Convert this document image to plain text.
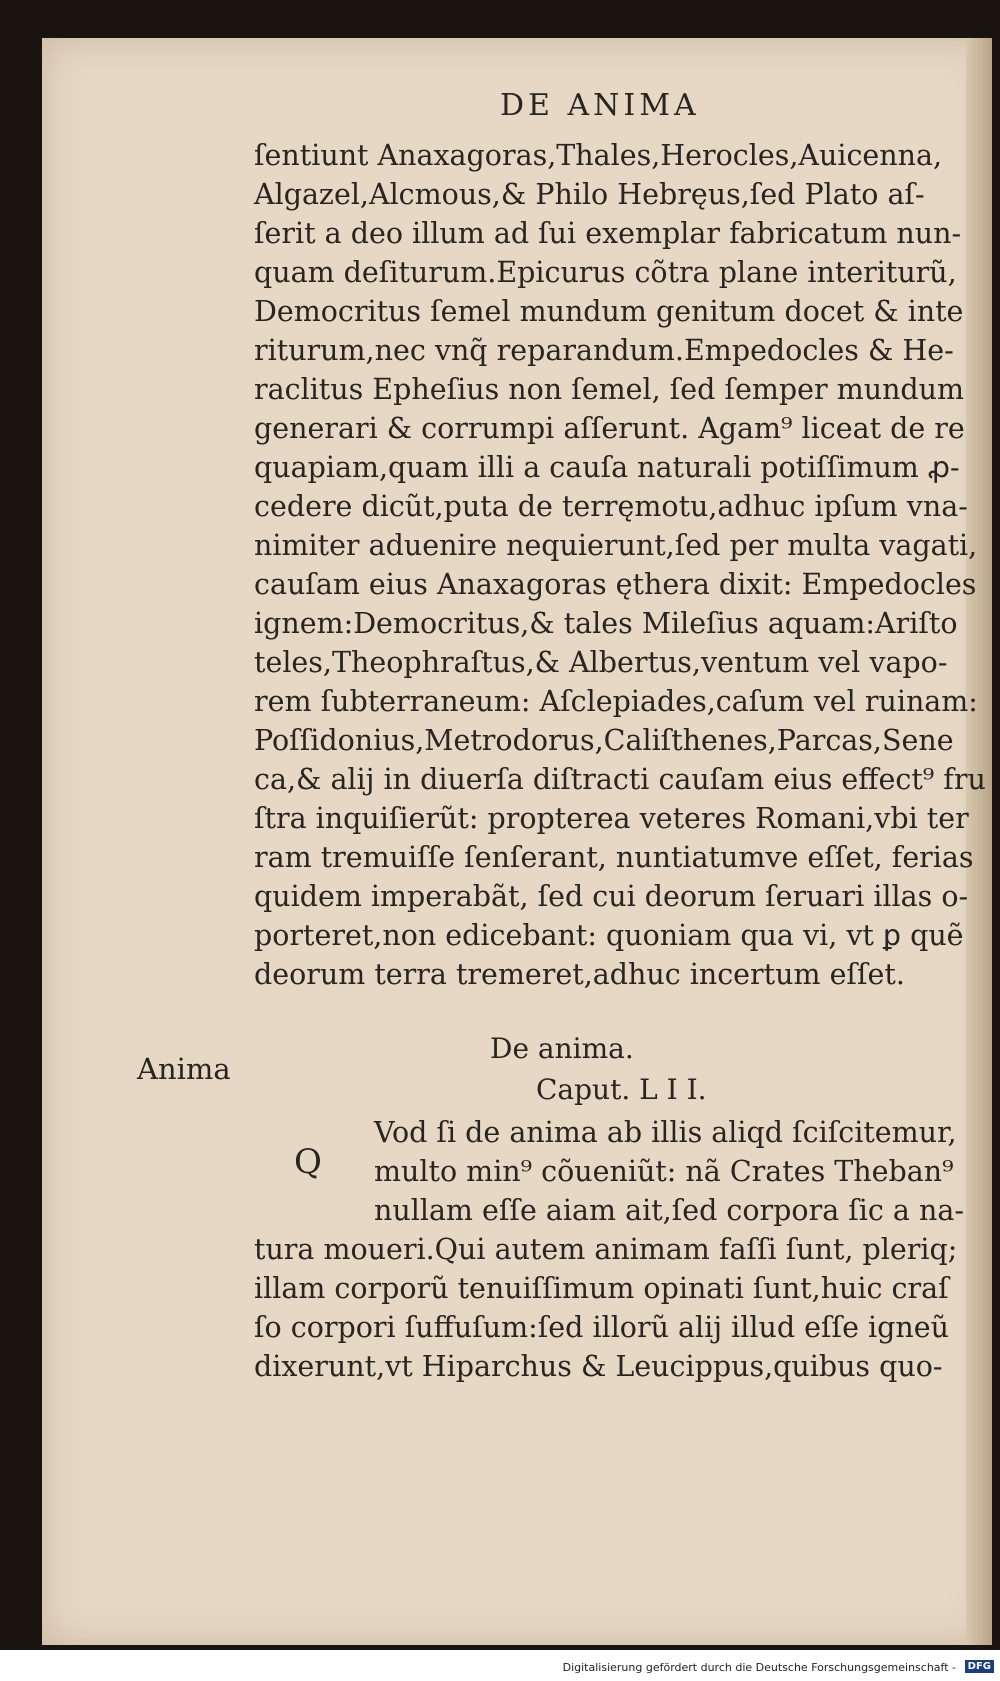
DE ANIMA
ſentiunt Anaxagoras,Thales,Herocles,Auicenna,
Algazel,Alcmous,& Philo Hebręus,ſed Plato aſ-
ſerit a deo illum ad ſui exemplar fabricatum nun-
quam deſiturum.Epicurus cõtra plane interiturũ,
Democritus ſemel mundum genitum docet & inte
riturum,nec vnq̃ reparandum.Empedocles & He-
raclitus Epheſius non ſemel, ſed ſemper mundum
generari & corrumpi aſſerunt. Agam⁹ liceat de re
quapiam,quam illi a cauſa naturali potiſſimum ꝓ-
cedere dicũt,puta de terręmotu,adhuc ipſum vna-
nimiter aduenire nequierunt,ſed per multa vagati,
cauſam eius Anaxagoras ęthera dixit: Empedocles
ignem:Democritus,& tales Mileſius aquam:Ariſto
teles,Theophraſtus,& Albertus,ventum vel vapo-
rem ſubterraneum: Aſclepiades,caſum vel ruinam:
Poſſidonius,Metrodorus,Caliſthenes,Parcas,Sene
ca,& alij in diuerſa diſtracti cauſam eius effect⁹ fru
ſtra inquiſierũt: propterea veteres Romani,vbi ter
ram tremuiſſe ſenſerant, nuntiatumve eſſet, ferias
quidem imperabãt, ſed cui deorum ſeruari illas o-
porteret,non edicebant: quoniam qua vi, vt ꝑ quẽ
deorum terra tremeret,adhuc incertum eſſet.
Anima
De anima.
Caput. L I I.
Q
Vod ſi de anima ab illis aliqd ſciſcitemur,
multo min⁹ cõueniũt: nã Crates Theban⁹
nullam eſſe aiam ait,ſed corpora ſic a na-
tura moueri.Qui autem animam faſſi ſunt, pleriq;
illam corporũ tenuiſſimum opinati ſunt,huic craſ
ſo corpori ſuffuſum:ſed illorũ alij illud eſſe igneũ
dixerunt,vt Hiparchus & Leucippus,quibus quo-
Digitalisierung gefördert durch die Deutsche Forschungsgemeinschaft -	DFG
